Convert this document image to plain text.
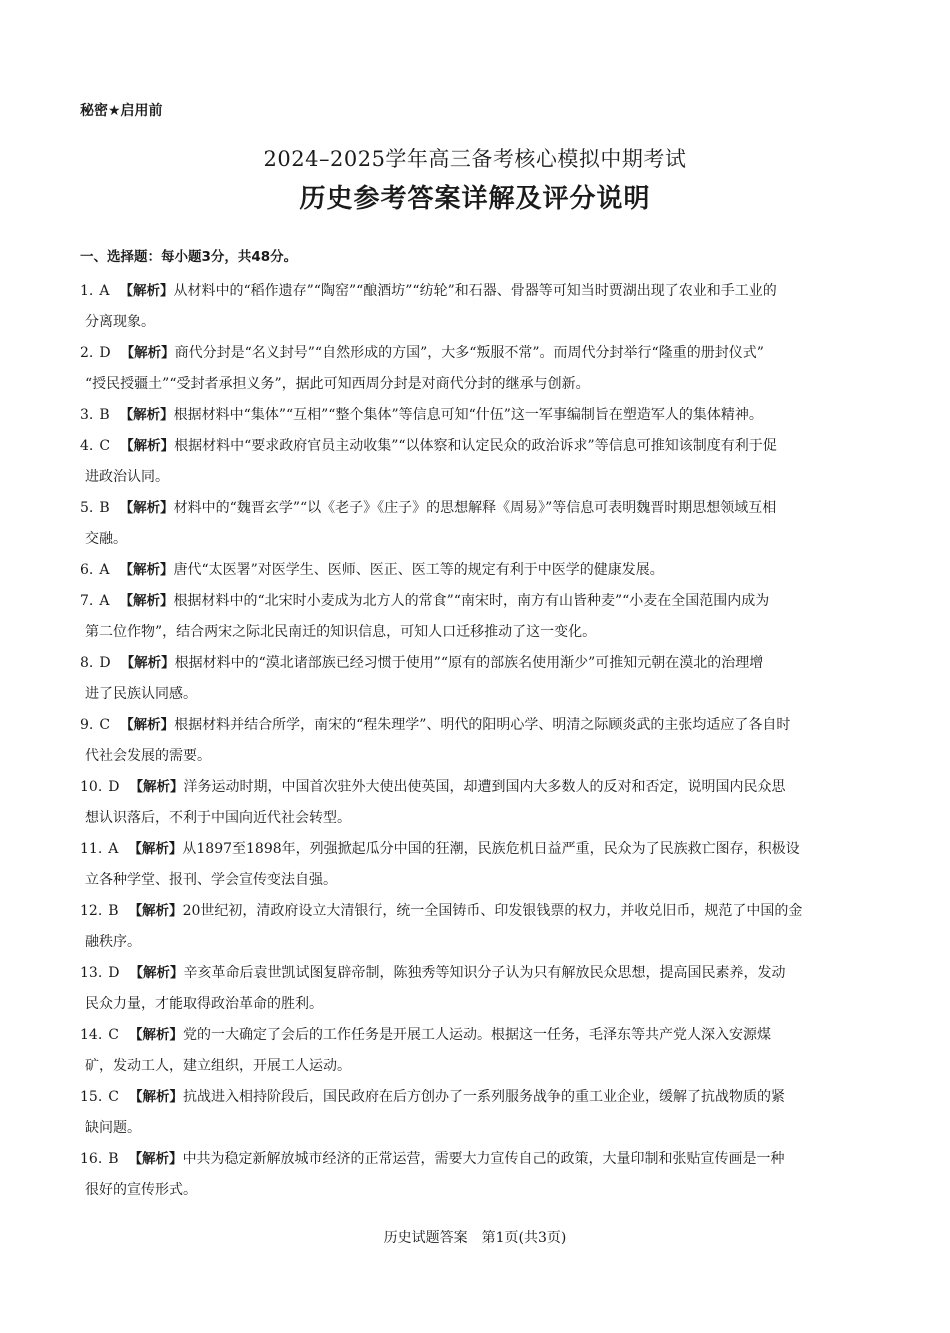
秘密★启用前
2024–2025学年高三备考核心模拟中期考试
历史参考答案详解及评分说明
一、选择题：每小题3分，共48分。
1. A 【解析】从材料中的“稻作遗存”“陶窑”“酿酒坊”“纺轮”和石器、骨器等可知当时贾湖出现了农业和手工业的
分离现象。
2. D 【解析】商代分封是“名义封号”“自然形成的方国”，大多“叛服不常”。而周代分封举行“隆重的册封仪式”
“授民授疆土”“受封者承担义务”，据此可知西周分封是对商代分封的继承与创新。
3. B 【解析】根据材料中“集体”“互相”“整个集体”等信息可知“什伍”这一军事编制旨在塑造军人的集体精神。
4. C 【解析】根据材料中“要求政府官员主动收集”“以体察和认定民众的政治诉求”等信息可推知该制度有利于促
进政治认同。
5. B 【解析】材料中的“魏晋玄学”“以《老子》《庄子》的思想解释《周易》”等信息可表明魏晋时期思想领域互相
交融。
6. A 【解析】唐代“太医署”对医学生、医师、医正、医工等的规定有利于中医学的健康发展。
7. A 【解析】根据材料中的“北宋时小麦成为北方人的常食”“南宋时，南方有山皆种麦”“小麦在全国范围内成为
第二位作物”，结合两宋之际北民南迁的知识信息，可知人口迁移推动了这一变化。
8. D 【解析】根据材料中的“漠北诸部族已经习惯于使用”“原有的部族名使用渐少”可推知元朝在漠北的治理增
进了民族认同感。
9. C 【解析】根据材料并结合所学，南宋的“程朱理学”、明代的阳明心学、明清之际顾炎武的主张均适应了各自时
代社会发展的需要。
10. D 【解析】洋务运动时期，中国首次驻外大使出使英国，却遭到国内大多数人的反对和否定，说明国内民众思
想认识落后，不利于中国向近代社会转型。
11. A 【解析】从1897至1898年，列强掀起瓜分中国的狂潮，民族危机日益严重，民众为了民族救亡图存，积极设
立各种学堂、报刊、学会宣传变法自强。
12. B 【解析】20世纪初，清政府设立大清银行，统一全国铸币、印发银钱票的权力，并收兑旧币，规范了中国的金
融秩序。
13. D 【解析】辛亥革命后袁世凯试图复辟帝制，陈独秀等知识分子认为只有解放民众思想，提高国民素养，发动
民众力量，才能取得政治革命的胜利。
14. C 【解析】党的一大确定了会后的工作任务是开展工人运动。根据这一任务，毛泽东等共产党人深入安源煤
矿，发动工人，建立组织，开展工人运动。
15. C 【解析】抗战进入相持阶段后，国民政府在后方创办了一系列服务战争的重工业企业，缓解了抗战物质的紧
缺问题。
16. B 【解析】中共为稳定新解放城市经济的正常运营，需要大力宣传自己的政策，大量印制和张贴宣传画是一种
很好的宣传形式。
历史试题答案　第1页(共3页)
